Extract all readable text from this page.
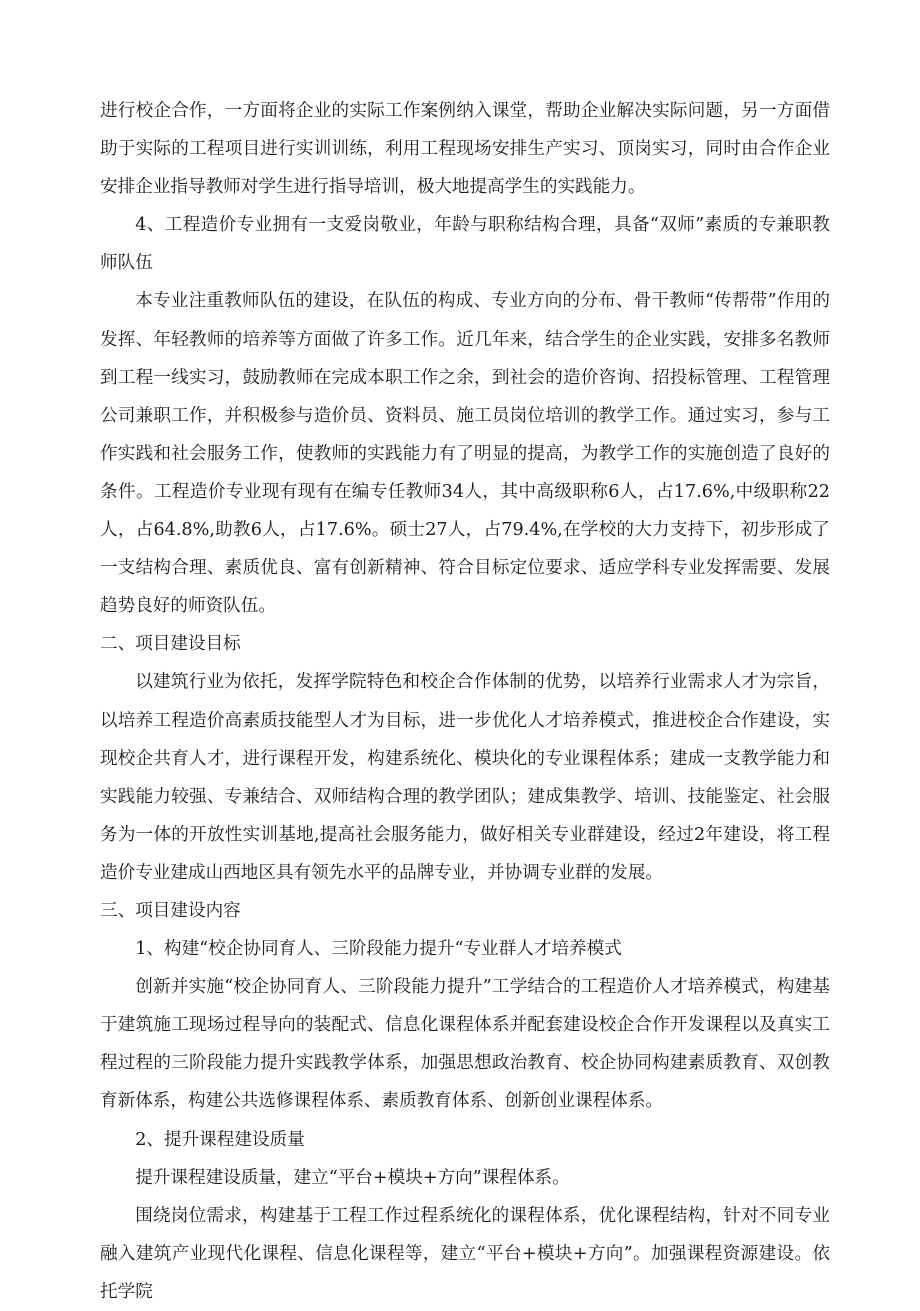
进行校企合作，一方面将企业的实际工作案例纳入课堂，帮助企业解决实际问题，另一方面借助于实际的工程项目进行实训训练，利用工程现场安排生产实习、顶岗实习，同时由合作企业安排企业指导教师对学生进行指导培训，极大地提高学生的实践能力。

4、工程造价专业拥有一支爱岗敬业，年龄与职称结构合理，具备“双师”素质的专兼职教师队伍

本专业注重教师队伍的建设，在队伍的构成、专业方向的分布、骨干教师“传帮带”作用的发挥、年轻教师的培养等方面做了许多工作。近几年来，结合学生的企业实践，安排多名教师到工程一线实习，鼓励教师在完成本职工作之余，到社会的造价咨询、招投标管理、工程管理公司兼职工作，并积极参与造价员、资料员、施工员岗位培训的教学工作。通过实习，参与工作实践和社会服务工作，使教师的实践能力有了明显的提高，为教学工作的实施创造了良好的条件。工程造价专业现有现有在编专任教师34人，其中高级职称6人，占17.6%,中级职称22人，占64.8%,助教6人，占17.6%。硕士27人，占79.4%,在学校的大力支持下，初步形成了一支结构合理、素质优良、富有创新精神、符合目标定位要求、适应学科专业发挥需要、发展趋势良好的师资队伍。

二、项目建设目标

以建筑行业为依托，发挥学院特色和校企合作体制的优势，以培养行业需求人才为宗旨，以培养工程造价高素质技能型人才为目标，进一步优化人才培养模式，推进校企合作建设，实现校企共育人才，进行课程开发，构建系统化、模块化的专业课程体系；建成一支教学能力和实践能力较强、专兼结合、双师结构合理的教学团队；建成集教学、培训、技能鉴定、社会服务为一体的开放性实训基地,提高社会服务能力，做好相关专业群建设，经过2年建设，将工程造价专业建成山西地区具有领先水平的品牌专业，并协调专业群的发展。

三、项目建设内容

1、构建“校企协同育人、三阶段能力提升“专业群人才培养模式

创新并实施“校企协同育人、三阶段能力提升”工学结合的工程造价人才培养模式，构建基于建筑施工现场过程导向的装配式、信息化课程体系并配套建设校企合作开发课程以及真实工程过程的三阶段能力提升实践教学体系，加强思想政治教育、校企协同构建素质教育、双创教育新体系，构建公共选修课程体系、素质教育体系、创新创业课程体系。

2、提升课程建设质量

提升课程建设质量，建立“平台+模块+方向”课程体系。

围绕岗位需求，构建基于工程工作过程系统化的课程体系，优化课程结构，针对不同专业融入建筑产业现代化课程、信息化课程等，建立“平台+模块+方向”。加强课程资源建设。依托学院
